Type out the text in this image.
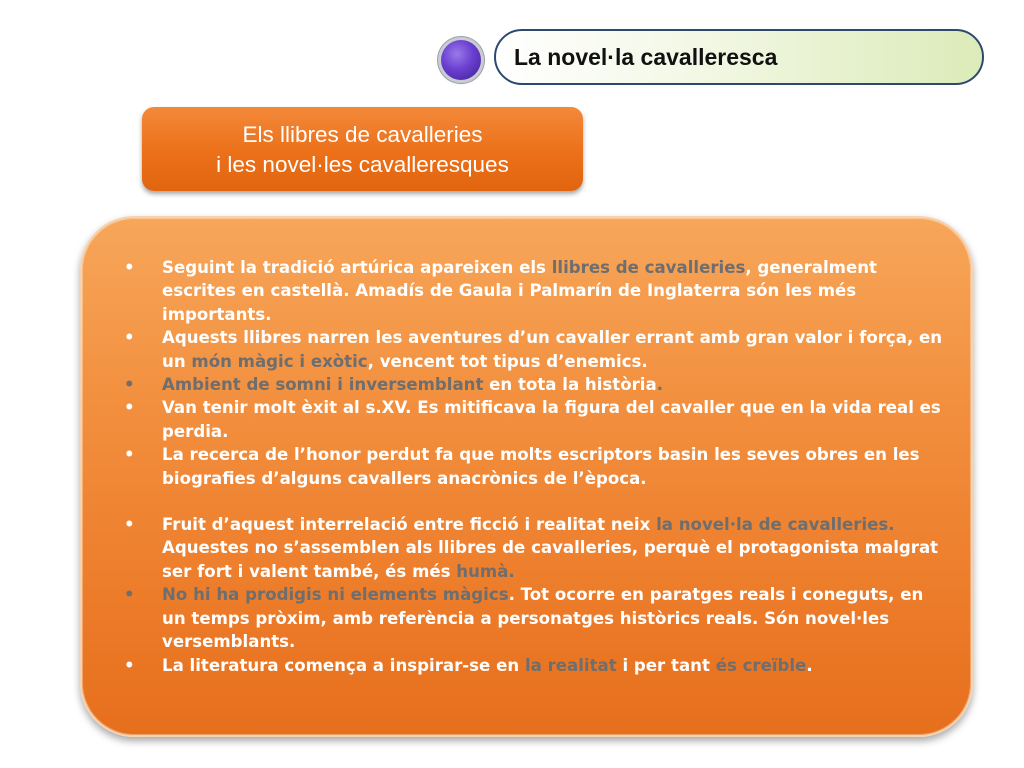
La novel·la cavalleresca
Els llibres de cavalleries
i les novel·les cavalleresques
• Seguint la tradició artúrica apareixen els llibres de cavalleries, generalment escrites en castellà. Amadís de Gaula i Palmarín de Inglaterra són les més importants.
• Aquests llibres narren les aventures d’un cavaller errant amb gran valor i força, en un món màgic i exòtic, vencent tot tipus d’enemics.
• Ambient de somni i inversemblant en tota la història.
• Van tenir molt èxit al s.XV. Es mitificava la figura del cavaller que en la vida real es perdia.
• La recerca de l’honor perdut fa que molts escriptors basin les seves obres en les biografies d’alguns cavallers anacrònics de l’època.
• Fruit d’aquest interrelació entre ficció i realitat neix la novel·la de cavalleries. Aquestes no s’assemblen als llibres de cavalleries, perquè el protagonista malgrat ser fort i valent també, és més humà.
• No hi ha prodigis ni elements màgics. Tot ocorre en paratges reals i coneguts, en un temps pròxim, amb referència a personatges històrics reals. Són novel·les versemblants.
• La literatura comença a inspirar-se en la realitat i per tant és creïble.
